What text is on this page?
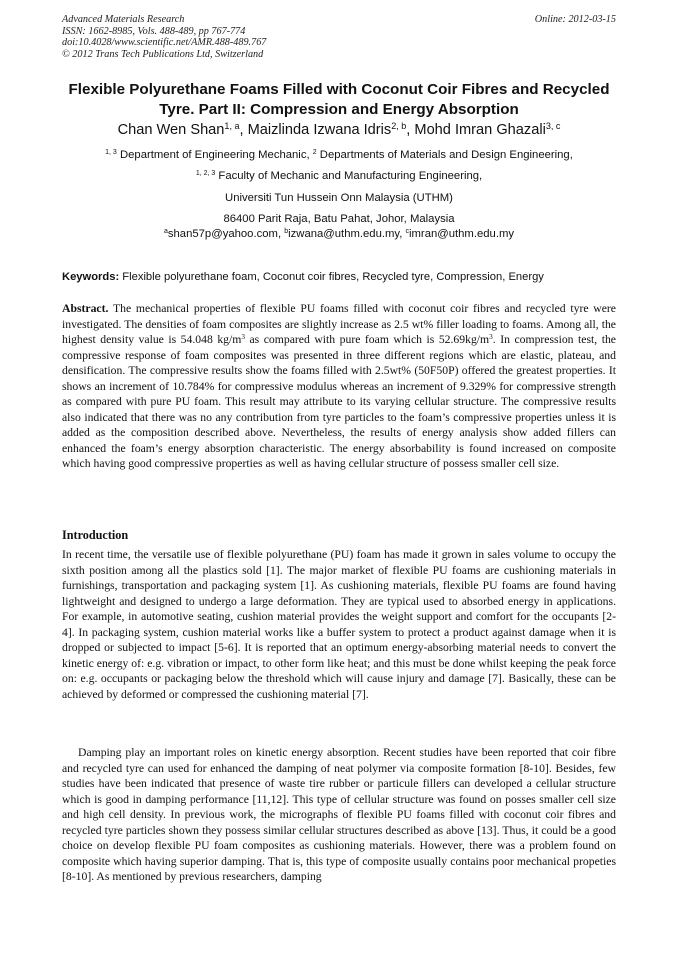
Advanced Materials Research
ISSN: 1662-8985, Vols. 488-489, pp 767-774
doi:10.4028/www.scientific.net/AMR.488-489.767
© 2012 Trans Tech Publications Ltd, Switzerland
Online: 2012-03-15
Flexible Polyurethane Foams Filled with Coconut Coir Fibres and Recycled Tyre. Part II: Compression and Energy Absorption
Chan Wen Shan$^{1, a}$, Maizlinda Izwana Idris$^{2, b}$, Mohd Imran Ghazali$^{3, c}$
$^{1, 3}$ Department of Engineering Mechanic, $^2$ Departments of Materials and Design Engineering,
$^{1, 2, 3}$ Faculty of Mechanic and Manufacturing Engineering,
Universiti Tun Hussein Onn Malaysia (UTHM)
86400 Parit Raja, Batu Pahat, Johor, Malaysia
$^a$shan57p@yahoo.com, $^b$izwana@uthm.edu.my, $^c$imran@uthm.edu.my
Keywords: Flexible polyurethane foam, Coconut coir fibres, Recycled tyre, Compression, Energy
Abstract. The mechanical properties of flexible PU foams filled with coconut coir fibres and recycled tyre were investigated. The densities of foam composites are slightly increase as 2.5 wt% filler loading to foams. Among all, the highest density value is 54.048 $kg/m^3$ as compared with pure foam which is $52.69kg/m^3$. In compression test, the compressive response of foam composites was presented in three different regions which are elastic, plateau, and densification. The compressive results show the foams filled with 2.5wt% (50F50P) offered the greatest properties. It shows an increment of 10.784% for compressive modulus whereas an increment of 9.329% for compressive strength as compared with pure PU foam. This result may attribute to its varying cellular structure. The compressive results also indicated that there was no any contribution from tyre particles to the foam’s compressive properties unless it is added as the composition described above. Nevertheless, the results of energy analysis show added fillers can enhanced the foam’s energy absorption characteristic. The energy absorbability is found increased on composite which having good compressive properties as well as having cellular structure of possess smaller cell size.
Introduction
In recent time, the versatile use of flexible polyurethane (PU) foam has made it grown in sales volume to occupy the sixth position among all the plastics sold [1]. The major market of flexible PU foams are cushioning materials in furnishings, transportation and packaging system [1]. As cushioning materials, flexible PU foams are found having lightweight and designed to undergo a large deformation. They are typical used to absorbed energy in applications. For example, in automotive seating, cushion material provides the weight support and comfort for the occupants [2-4]. In packaging system, cushion material works like a buffer system to protect a product against damage when it is dropped or subjected to impact [5-6]. It is reported that an optimum energy-absorbing material needs to convert the kinetic energy of: e.g. vibration or impact, to other form like heat; and this must be done whilst keeping the peak force on: e.g. occupants or packaging below the threshold which will cause injury and damage [7]. Basically, these can be achieved by deformed or compressed the cushioning material [7].
Damping play an important roles on kinetic energy absorption. Recent studies have been reported that coir fibre and recycled tyre can used for enhanced the damping of neat polymer via composite formation [8-10]. Besides, few studies have been indicated that presence of waste tire rubber or particule fillers can developed a cellular structure which is good in damping performance [11,12]. This type of cellular structure was found on posses smaller cell size and high cell density. In previous work, the micrographs of flexible PU foams filled with coconut coir fibres and recycled tyre particles shown they possess similar cellular structures described as above [13]. Thus, it could be a good choice on develop flexible PU foam composites as cushioning materials. However, there was a problem found on composite which having superior damping. That is, this type of composite usually contains poor mechanical propeties [8-10]. As mentioned by previous researchers, damping
